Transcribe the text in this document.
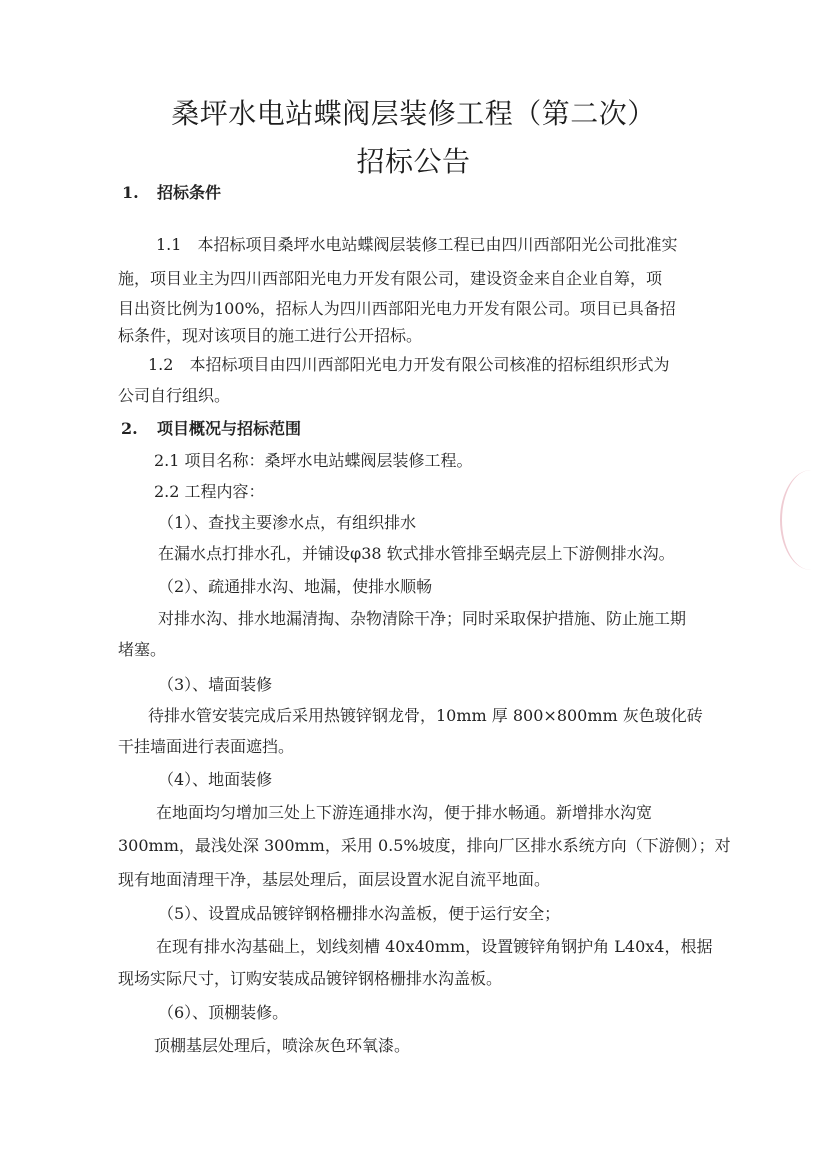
桑坪水电站蝶阀层装修工程（第二次）
招标公告
1. 招标条件
1.1　本招标项目桑坪水电站蝶阀层装修工程已由四川西部阳光公司批准实
施，项目业主为四川西部阳光电力开发有限公司，建设资金来自企业自筹，项
目出资比例为100%，招标人为四川西部阳光电力开发有限公司。项目已具备招
标条件，现对该项目的施工进行公开招标。
1.2　本招标项目由四川西部阳光电力开发有限公司核准的招标组织形式为
公司自行组织。
2. 项目概况与招标范围
2.1 项目名称：桑坪水电站蝶阀层装修工程。
2.2 工程内容：
（1）、查找主要渗水点，有组织排水
在漏水点打排水孔，并铺设φ38 软式排水管排至蜗壳层上下游侧排水沟。
（2）、疏通排水沟、地漏，使排水顺畅
对排水沟、排水地漏清掏、杂物清除干净；同时采取保护措施、防止施工期
堵塞。
（3）、墙面装修
待排水管安装完成后采用热镀锌钢龙骨，10mm 厚 800×800mm 灰色玻化砖
干挂墙面进行表面遮挡。
（4）、地面装修
在地面均匀增加三处上下游连通排水沟，便于排水畅通。新增排水沟宽
300mm，最浅处深 300mm，采用 0.5%坡度，排向厂区排水系统方向（下游侧）；对
现有地面清理干净，基层处理后，面层设置水泥自流平地面。
（5）、设置成品镀锌钢格栅排水沟盖板，便于运行安全；
在现有排水沟基础上，划线刻槽 40x40mm，设置镀锌角钢护角 L40x4，根据
现场实际尺寸，订购安装成品镀锌钢格栅排水沟盖板。
（6）、顶棚装修。
顶棚基层处理后，喷涂灰色环氧漆。
